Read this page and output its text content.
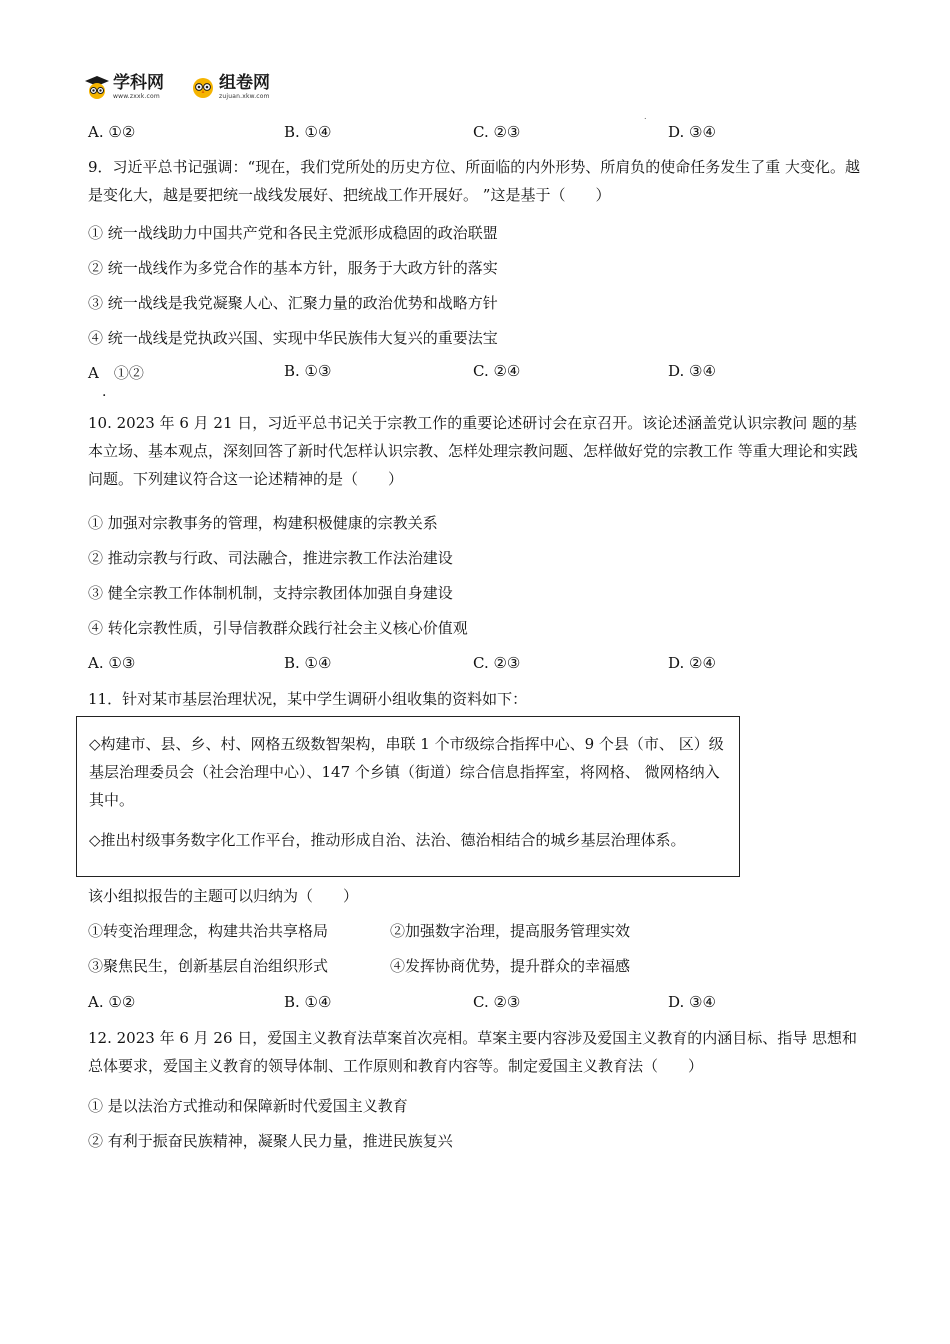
学科网
www.zxxk.com
组卷网
zujuan.xkw.com
.
A. ①②	B. ①④	C. ②③	D. ③④
9．习近平总书记强调：“现在，我们党所处的历史方位、所面临的内外形势、所肩负的使命任务发生了重 大变化。越是变化大，越是要把统一战线发展好、把统战工作开展好。 ”这是基于（　　）
① 统一战线助力中国共产党和各民主党派形成稳固的政治联盟
② 统一战线作为多党合作的基本方针，服务于大政方针的落实
③ 统一战线是我党凝聚人心、汇聚力量的政治优势和战略方针
④ 统一战线是党执政兴国、实现中华民族伟大复兴的重要法宝
A　①②	B. ①③	C. ②④	D. ③④
·
10. 2023 年 6 月 21 日，习近平总书记关于宗教工作的重要论述研讨会在京召开。该论述涵盖党认识宗教问 题的基本立场、基本观点，深刻回答了新时代怎样认识宗教、怎样处理宗教问题、怎样做好党的宗教工作 等重大理论和实践问题。下列建议符合这一论述精神的是（　　）
① 加强对宗教事务的管理，构建积极健康的宗教关系
② 推动宗教与行政、司法融合，推进宗教工作法治建设
③ 健全宗教工作体制机制，支持宗教团体加强自身建设
④ 转化宗教性质，引导信教群众践行社会主义核心价值观
A. ①③	B. ①④	C. ②③	D. ②④
11．针对某市基层治理状况，某中学生调研小组收集的资料如下：
◇构建市、县、乡、村、网格五级数智架构，串联 1 个市级综合指挥中心、9 个县（市、 区）级基层治理委员会（社会治理中心）、147 个乡镇（街道）综合信息指挥室，将网格、 微网格纳入其中。
◇推出村级事务数字化工作平台，推动形成自治、法治、德治相结合的城乡基层治理体系。
该小组拟报告的主题可以归纳为（　　）
①转变治理理念，构建共治共享格局	②加强数字治理，提高服务管理实效
③聚焦民生，创新基层自治组织形式	④发挥协商优势，提升群众的幸福感
A. ①②	B. ①④	C. ②③	D. ③④
12. 2023 年 6 月 26 日，爱国主义教育法草案首次亮相。草案主要内容涉及爱国主义教育的内涵目标、指导 思想和总体要求，爱国主义教育的领导体制、工作原则和教育内容等。制定爱国主义教育法（　　）
① 是以法治方式推动和保障新时代爱国主义教育
② 有利于振奋民族精神，凝聚人民力量，推进民族复兴
